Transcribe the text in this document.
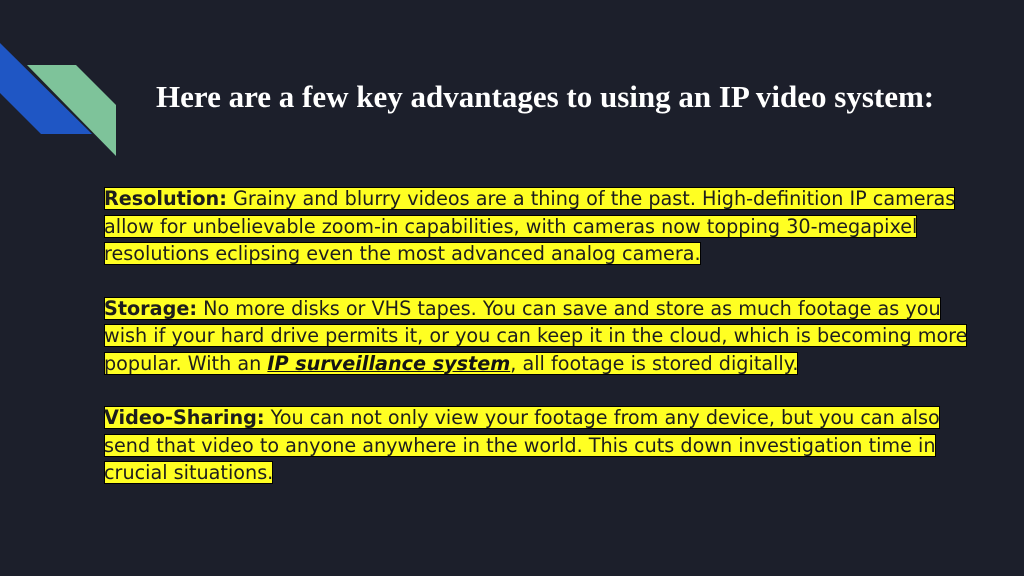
Here are a few key advantages to using an IP video system:

Resolution: Grainy and blurry videos are a thing of the past. High-definition IP cameras allow for unbelievable zoom-in capabilities, with cameras now topping 30-megapixel resolutions eclipsing even the most advanced analog camera.

Storage: No more disks or VHS tapes. You can save and store as much footage as you wish if your hard drive permits it, or you can keep it in the cloud, which is becoming more popular. With an IP surveillance system, all footage is stored digitally.

Video-Sharing: You can not only view your footage from any device, but you can also send that video to anyone anywhere in the world. This cuts down investigation time in crucial situations.
